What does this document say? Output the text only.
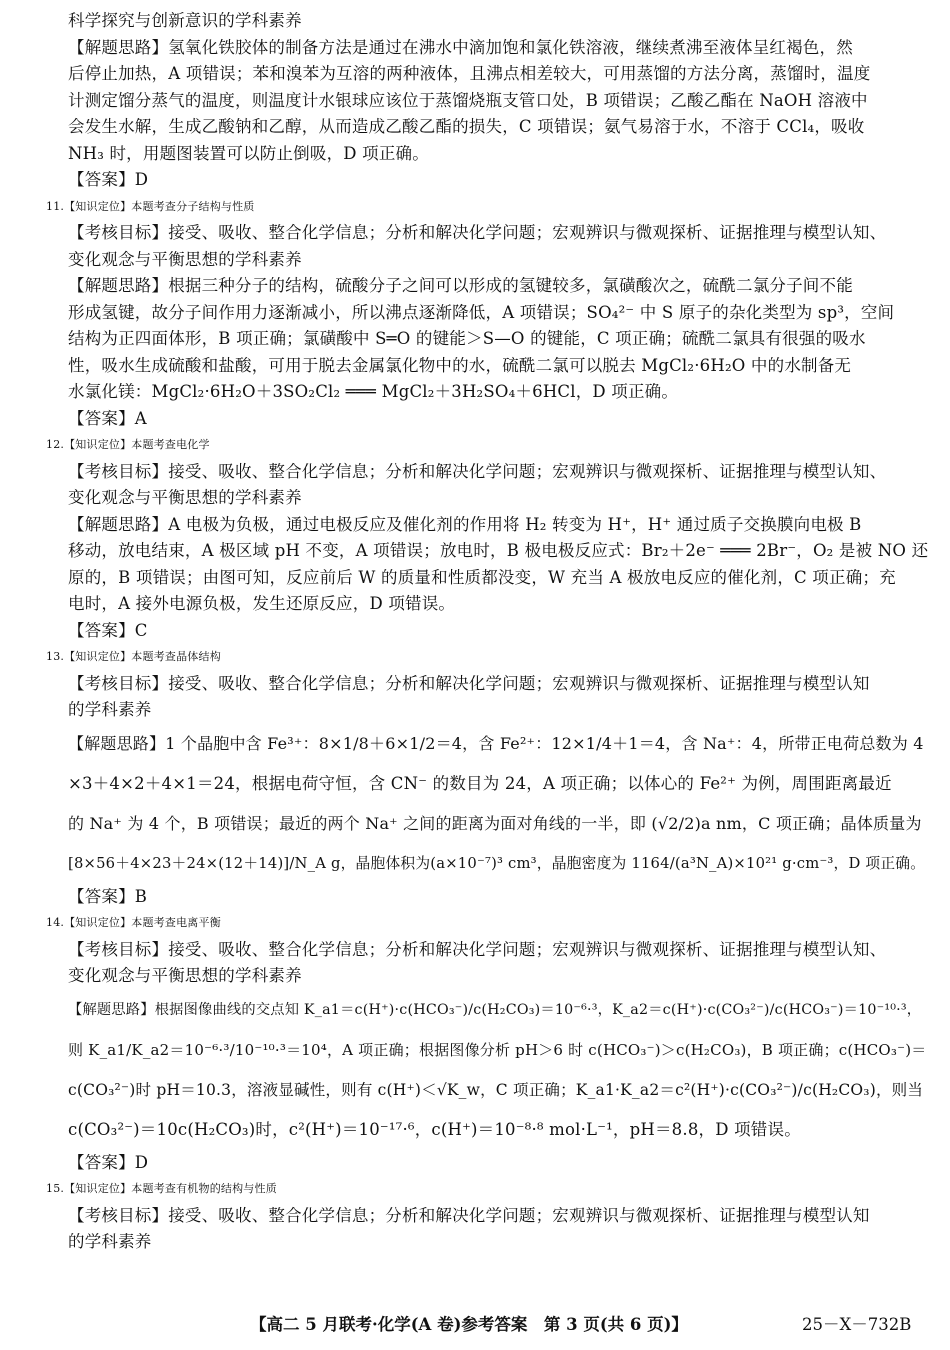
科学探究与创新意识的学科素养
【解题思路】氢氧化铁胶体的制备方法是通过在沸水中滴加饱和氯化铁溶液，继续煮沸至液体呈红褐色，然
后停止加热，A 项错误；苯和溴苯为互溶的两种液体，且沸点相差较大，可用蒸馏的方法分离，蒸馏时，温度
计测定馏分蒸气的温度，则温度计水银球应该位于蒸馏烧瓶支管口处，B 项错误；乙酸乙酯在 NaOH 溶液中
会发生水解，生成乙酸钠和乙醇，从而造成乙酸乙酯的损失，C 项错误；氨气易溶于水，不溶于 CCl₄，吸收
NH₃ 时，用题图装置可以防止倒吸，D 项正确。
【答案】D
11.【知识定位】本题考查分子结构与性质
【考核目标】接受、吸收、整合化学信息；分析和解决化学问题；宏观辨识与微观探析、证据推理与模型认知、
变化观念与平衡思想的学科素养
【解题思路】根据三种分子的结构，硫酸分子之间可以形成的氢键较多，氯磺酸次之，硫酰二氯分子间不能
形成氢键，故分子间作用力逐渐减小，所以沸点逐渐降低，A 项错误；SO₄²⁻ 中 S 原子的杂化类型为 sp³，空间
结构为正四面体形，B 项正确；氯磺酸中 S═O 的键能＞S—O 的键能，C 项正确；硫酰二氯具有很强的吸水
性，吸水生成硫酸和盐酸，可用于脱去金属氯化物中的水，硫酰二氯可以脱去 MgCl₂·6H₂O 中的水制备无
水氯化镁：MgCl₂·6H₂O＋3SO₂Cl₂ ═══ MgCl₂＋3H₂SO₄＋6HCl，D 项正确。
【答案】A
12.【知识定位】本题考查电化学
【考核目标】接受、吸收、整合化学信息；分析和解决化学问题；宏观辨识与微观探析、证据推理与模型认知、
变化观念与平衡思想的学科素养
【解题思路】A 电极为负极，通过电极反应及催化剂的作用将 H₂ 转变为 H⁺，H⁺ 通过质子交换膜向电极 B
移动，放电结束，A 极区域 pH 不变，A 项错误；放电时，B 极电极反应式：Br₂＋2e⁻ ═══ 2Br⁻，O₂ 是被 NO 还
原的，B 项错误；由图可知，反应前后 W 的质量和性质都没变，W 充当 A 极放电反应的催化剂，C 项正确；充
电时，A 接外电源负极，发生还原反应，D 项错误。
【答案】C
13.【知识定位】本题考查晶体结构
【考核目标】接受、吸收、整合化学信息；分析和解决化学问题；宏观辨识与微观探析、证据推理与模型认知
的学科素养
【解题思路】1 个晶胞中含 Fe³⁺：8×1/8＋6×1/2＝4，含 Fe²⁺：12×1/4＋1＝4，含 Na⁺：4，所带正电荷总数为 4
×3＋4×2＋4×1＝24，根据电荷守恒，含 CN⁻ 的数目为 24，A 项正确；以体心的 Fe²⁺ 为例，周围距离最近
的 Na⁺ 为 4 个，B 项错误；最近的两个 Na⁺ 之间的距离为面对角线的一半，即 (√2/2)a nm，C 项正确；晶体质量为
[8×56＋4×23＋24×(12＋14)]/N_A g，晶胞体积为(a×10⁻⁷)³ cm³，晶胞密度为 1164/(a³N_A)×10²¹ g·cm⁻³，D 项正确。
【答案】B
14.【知识定位】本题考查电离平衡
【考核目标】接受、吸收、整合化学信息；分析和解决化学问题；宏观辨识与微观探析、证据推理与模型认知、
变化观念与平衡思想的学科素养
【解题思路】根据图像曲线的交点知 K_a1＝c(H⁺)·c(HCO₃⁻)/c(H₂CO₃)＝10⁻⁶·³，K_a2＝c(H⁺)·c(CO₃²⁻)/c(HCO₃⁻)＝10⁻¹⁰·³，
则 K_a1/K_a2＝10⁻⁶·³/10⁻¹⁰·³＝10⁴，A 项正确；根据图像分析 pH＞6 时 c(HCO₃⁻)＞c(H₂CO₃)，B 项正确；c(HCO₃⁻)＝
c(CO₃²⁻)时 pH＝10.3，溶液显碱性，则有 c(H⁺)＜√K_w，C 项正确；K_a1·K_a2＝c²(H⁺)·c(CO₃²⁻)/c(H₂CO₃)，则当
c(CO₃²⁻)＝10c(H₂CO₃)时，c²(H⁺)＝10⁻¹⁷·⁶，c(H⁺)＝10⁻⁸·⁸ mol·L⁻¹，pH＝8.8，D 项错误。
【答案】D
15.【知识定位】本题考查有机物的结构与性质
【考核目标】接受、吸收、整合化学信息；分析和解决化学问题；宏观辨识与微观探析、证据推理与模型认知
的学科素养
【高二 5 月联考·化学(A 卷)参考答案　第 3 页(共 6 页)】	25－X－732B
